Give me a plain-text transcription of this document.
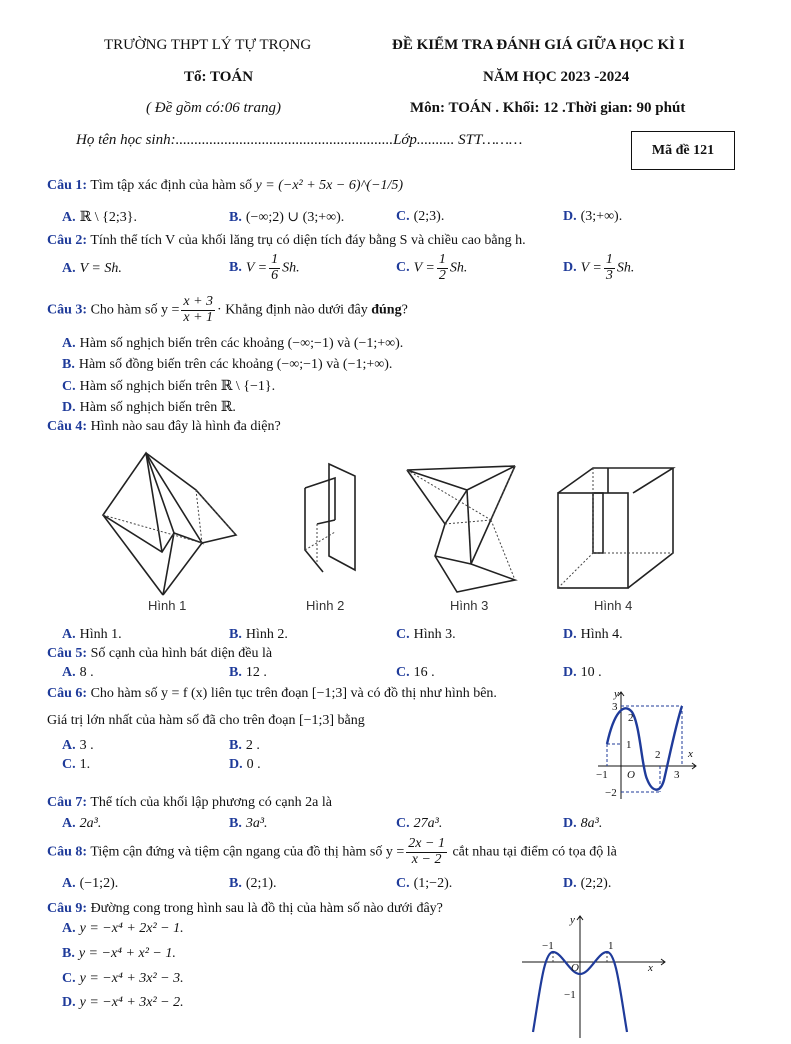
TRƯỜNG THPT LÝ TỰ TRỌNG	ĐỀ KIỂM TRA ĐÁNH GIÁ GIỮA HỌC KÌ I
Tổ: TOÁN	NĂM HỌC 2023 -2024
( Đề gồm có:06 trang)	Môn: TOÁN . Khối: 12 .Thời gian: 90 phút
Họ tên học sinh:..........................................................Lớp.......... STT………
Mã đề 121
Câu 1: Tìm tập xác định của hàm số y = (−x² + 5x − 6)^(−1/5)
A. ℝ \ {2;3}.	B. (−∞;2) ∪ (3;+∞).	C. (2;3).	D. (3;+∞).
Câu 2: Tính thể tích V của khối lăng trụ có diện tích đáy bằng S và chiều cao bằng h.
A. V = Sh.	B. $V = \frac{1}{6} Sh$.	C. $V = \frac{1}{2} Sh$.	D. $V = \frac{1}{3} Sh$.
Câu 3: Cho hàm số $y = \frac{x + 3}{x + 1}$ · Khẳng định nào dưới đây đúng?
A. Hàm số nghịch biến trên các khoảng (−∞;−1) và (−1;+∞).
B. Hàm số đồng biến trên các khoảng (−∞;−1) và (−1;+∞).
C. Hàm số nghịch biến trên ℝ \ {−1}.
D. Hàm số nghịch biến trên ℝ.
Câu 4: Hình nào sau đây là hình đa diện?
Hình 1	Hình 2	Hình 3	Hình 4
A. Hình 1.	B. Hình 2.	C. Hình 3.	D. Hình 4.
Câu 5: Số cạnh của hình bát diện đều là
A. 8 .	B. 12 .	C. 16 .	D. 10 .
Câu 6: Cho hàm số y = f (x) liên tục trên đoạn [−1;3] và có đồ thị như hình bên.
Giá trị lớn nhất của hàm số đã cho trên đoạn [−1;3] bằng
A. 3 .	B. 2 .
C. 1.	D. 0 .
y
x
O
3
2
1
2
−1	3
−2
Câu 7: Thể tích của khối lập phương có cạnh 2a là
A. 2a³.	B. 3a³.	C. 27a³.	D. 8a³.
Câu 8: Tiệm cận đứng và tiệm cận ngang của đồ thị hàm số $y = \frac{2x - 1}{x - 2}$ cắt nhau tại điểm có tọa độ là
A. (−1;2).	B. (2;1).	C. (1;−2).	D. (2;2).
Câu 9: Đường cong trong hình sau là đồ thị của hàm số nào dưới đây?
A. y = −x⁴ + 2x² − 1.
B. y = −x⁴ + x² − 1.
C. y = −x⁴ + 3x² − 3.
D. y = −x⁴ + 3x² − 2.
y
x
O
−1	1
−1
